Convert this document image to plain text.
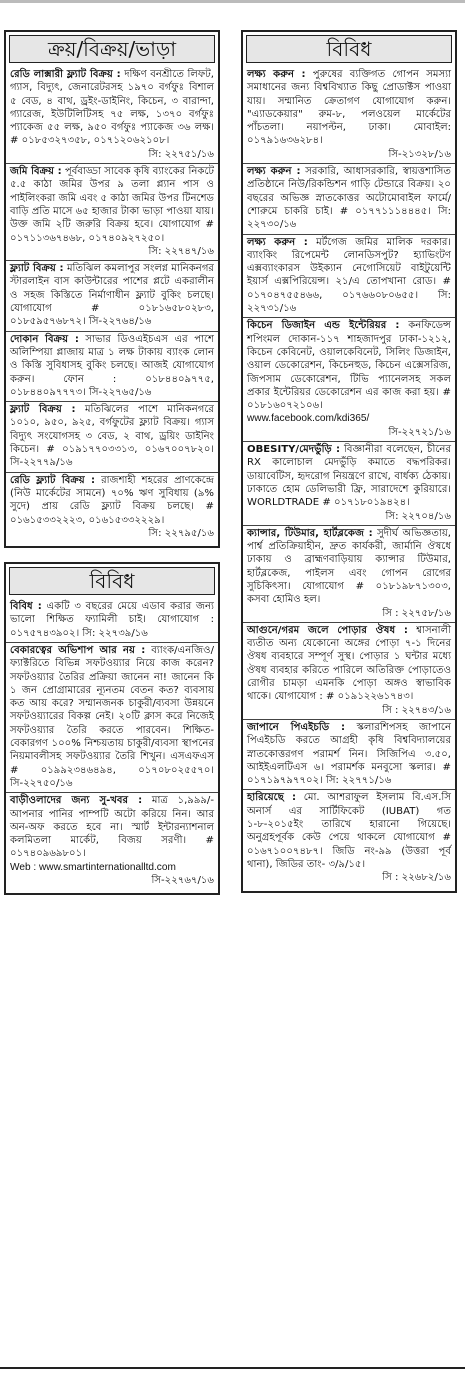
ক্রয়/বিক্রয়/ভাড়া
রেডি লাক্সারী ফ্ল্যাট বিক্রয় : দক্ষিণ বনশ্রীতে লিফট, গ্যাস, বিদ্যুৎ, জেনারেটরসহ ১৯৭০ বর্গফুঃ বিশাল ৫ বেড, ৪ বাথ, ড্রইং-ডাইনিং, কিচেন, ৩ বারান্দা, গ্যারেজ, ইউটিলিটিসহ ৭৫ লক্ষ, ১৩৭০ বর্গফুঃ প্যাকেজ ৫৫ লক্ষ, ৯৫০ বর্গফুঃ প্যাকেজ ৩৬ লক্ষ। # ০১৮৫৩২৭৩৫৮, ০১৭১২০৬২১০৮।
সি: ২২৭৫১/১৬
জমি বিক্রয় : পূর্ববাড্ডা সাবেক কৃষি ব্যাংকের নিকটে ৫.৫ কাঠা জমির উপর ৯ তলা প্ল্যান পাস ও পাইলিংকরা জমি এবং ৫ কাঠা জমির উপর টিনশেড বাড়ি প্রতি মাসে ৬৫ হাজার টাকা ভাড়া পাওয়া যায়। উক্ত জমি ২টি জরুরি বিক্রয় হবে। যোগাযোগ # ০১৭১১৩৬৭৪৬৮, ০১৭৪০৯২৭২৫০।
সি: ২২৭৪৭/১৬
ফ্ল্যাট বিক্রয় : মতিঝিল কমলাপুর সংলগ্ন মানিকনগর স্টারলাইন বাস কাউন্টারের পাশের প্লটে একরালীন ও সহজ কিস্তিতে নির্মাণাধীন ফ্ল্যাট বুকিং চলছে। যোগাযোগ # ০১৮১৬৫৮০২৮৩, ০১৮৫৯৫৭৬৮৭২। সি-২২৭৬৪/১৬
দোকান বিক্রয় : সাভার ডিওএইচএস এর পাশে অলিম্পিয়া প্লাজায় মাত্র ১ লক্ষ টাকায় ব্যাংক লোন ও কিস্তি সুবিধাসহ বুকিং চলছে। আজই যোগাযোগ করুন। ফোন : ০১৮৪৪০৯৭৭৫, ০১৮৪৪০৯৭৭৭৩। সি-২২৭৬৫/১৬
ফ্ল্যাট বিক্রয় : মতিঝিলের পাশে মানিকনগরে ১০১০, ৯৫০, ৯২৫, বর্গফুটের ফ্ল্যাট বিক্রয়। গ্যাস বিদ্যুৎ সংযোগসহ ৩ বেড, ২ বাথ, ড্রয়িং ডাইনিং কিচেন। # ০১৯১৭৭০৩৩১৩, ০১৬৭০০৭৮২০। সি-২২৭৭৯/১৬
রেডি ফ্ল্যাট বিক্রয় : রাজশাহী শহরের প্রাণকেন্দ্রে (নিউ মার্কেটের সামনে) ৭০% ঋণ সুবিধায় (৯% সুদে) প্রায় রেডি ফ্ল্যাট বিক্রয় চলছে। # ০১৬১৫৩৩২২২৩, ০১৬১৫৩৩২২২৯।
সি: ২২৭৯৫/১৬
বিবিধ
বিবিধ : একটি ৩ বছরের মেয়ে এডাব করার জন্য ভালো শিক্ষিত ফ্যামিলী চাই। যোগাযোগ : ০১৭৫৭৪৩৯০২। সি: ২২৭৩৯/১৬
বেকারত্বের অভিশাপ আর নয় : ব্যাংক/এনজিও/ফ্যাক্টরিতে বিভিন্ন সফটওয়্যার নিয়ে কাজ করেন? সফটওয়্যার তৈরির প্রক্রিয়া জানেন না! জানেন কি ১ জন প্রোগ্রামারের ন্যূনতম বেতন কত? ব্যবসায় কত আয় করে? সম্মানজনক চাকুরী/ব্যবসা উন্নয়নে সফটওয়্যারের বিকল্প নেই। ২০টি ক্লাস করে নিজেই সফটওয়্যার তৈরি করতে পারবেন। শিক্ষিত-বেকারগণ ১০০% নিশ্চয়তায় চাকুরী/ব্যবসা স্থাপনের নিয়মাবলীসহ সফটওয়্যার তৈরি শিখুন। এসএফএস # ০১৯৯২৩৪৬৪৯৪, ০১৭০৮০২৫৫৭০। সি-২২৭৫০/১৬
বাড়ীওলাদের জন্য সু-খবর : মাত্র ১,৯৯৯/- আপনার পানির পাম্পটি অটো করিয়ে নিন। আর অন-অফ করতে হবে না। স্মার্ট ইন্টারন্যাশনাল কলমিতলা মার্কেট, বিজয় সরণী। # ০১৭৪০৯৬৯৮০১।
Web : www.smartinternationalltd.com
সি-২২৭৬৭/১৬
বিবিধ
লক্ষ্য করুন : পুরুষের ব্যক্তিগত গোপন সমস্যা সমাধানের জন্য বিশ্ববিখ্যাত কিছু প্রোডাক্টস পাওয়া যায়। সম্মানিত ক্রেতাগণ যোগাযোগ করুন। "এ্যাডকেয়ার" রুম-৮, পলওয়েল মার্কেটের পাঁচতলা। নয়াপল্টন, ঢাকা। মোবাইল: ০১৭৯১৬৩৬২৮৪।
সি-২১৩২৮/১৬
লক্ষ্য করুন : সরকারি, আধাসরকারি, স্বায়ত্তশাসিত প্রতিষ্ঠানে নিউ/রিকন্ডিশন গাড়ি টেন্ডারে বিক্রয়। ২০ বছরের অভিজ্ঞ স্নাতকোত্তর অটোমোবাইল ফার্মে/শোরুমে চাকরি চাই। # ০১৭৭১১১৪৪৪৫। সি: ২২৭৩০/১৬
লক্ষ্য করুন : মর্টগেজ জমির মালিক দরকার। ব্যাংকিং রিপেমেন্ট লোনডিসপুট? হ্যাভিংটণ এক্সব্যাংকারস উইক্যান নেগোসিয়েট বাইটুয়েন্টি ইয়ার্স এক্সপিরিয়েন্স। ২১/এ তোপখানা রোড। # ০১৭০৪৭৫৫৪৬৬, ০১৭৬৬০৮০৬৫৫। সি: ২২৭৩১/১৬
কিচেন ডিজাইন এন্ড ইন্টেরিয়র : কনফিডেন্স শপিংমল দোকান-১১৭ শাহজাদপুর ঢাকা-১২১২, কিচেন কেবিনেট, ওয়ালকেবিনেট, সিলিং ডিজাইন, ওয়াল ডেকোরেশন, কিচেনহুড, কিচেন এক্সেসরিজ, জিপসাম ডেকোরেশন, টিভি প্যানেলসহ সকল প্রকার ইন্টেরিয়র ডেকোরেশন এর কাজ করা হয়। # ০১৮১৬০৭২১০৬।
www.facebook.com/kdi365/
সি-২২৭২১/১৬
OBESITY/মেদভুঁড়ি : বিজ্ঞানীরা বলেছেন, চীনের RX কালোচাল মেদভুঁড়ি কমাতে বদ্ধপরিকর। ডায়াবেটিস, হৃদরোগ নিয়ন্ত্রণে রাখে, বার্ধক্য ঠেকায়। ঢাকাতে হোম ডেলিভারী ফ্রি, সারাদেশে কুরিয়ারে। WORLDTRADE # ০১৭১৮০১৯৪২৪।
সি: ২২৭০৪/১৬
ক্যান্সার, টিউমার, হার্টব্লকেজ : সুদীর্ঘ অভিজ্ঞতায়, পার্শ্ব প্রতিক্রিয়াহীন, দ্রুত কার্যকরী, জার্মানি ঔষধে ঢাকায় ও ব্রাহ্মণবাড়িয়ায় ক্যান্সার টিউমার, হার্টব্লকেজ, পাইলস এবং গোপন রোগের সুচিকিৎসা। যোগাযোগ # ০১৮১৯৮৭১৩০৩, কসবা হোমিও হল।
সি : ২২৭৫৮/১৬
আগুনে/গরম জলে পোড়ার ঔষধ : শ্বাসনালী ব্যতীত অন্য যেকোনো অঙ্গের পোড়া ৭-১ দিনের ঔষধ ব্যবহারে সম্পূর্ণ সুস্থ। পোড়ার ১ ঘন্টার মধ্যে ঔষধ ব্যবহার করিতে পারিলে অতিরিক্ত পোড়াতেও রোগীর চামড়া এমনকি পোড়া অঙ্গও স্বাভাবিক থাকে। যোগাযোগ : # ০১৯১২২৬১৭৪৩।
সি : ২২৭৪৩/১৬
জাপানে পিএইচডি : স্কলারশিপসহ জাপানে পিএইচডি করতে আগ্রহী কৃষি বিশ্ববিদ্যালয়ের স্নাতকোত্তরগণ পরামর্শ নিন। সিজিপিএ ৩.৫০, আইইএলটিএস ৬। পরামর্শক মনবুসো স্কলার। # ০১৭১৯৭৯৭৭০২। সি: ২২৭৭১/১৬
হারিয়েছে : মো. আশরাফুল ইসলাম বি.এস.সি অনার্স এর সার্টিফিকেট (IUBAT) গত ১-৮-২০১৫ইং তারিখে হারানো গিয়েছে। অনুগ্রহপূর্বক কেউ পেয়ে থাকলে যোগাযোগ # ০১৬৭১০০৭৪৮৭। জিডি নং-৯৯ (উত্তরা পূর্ব থানা), জিডির তাং- ৩/৯/১৫।
সি : ২২৬৮২/১৬
